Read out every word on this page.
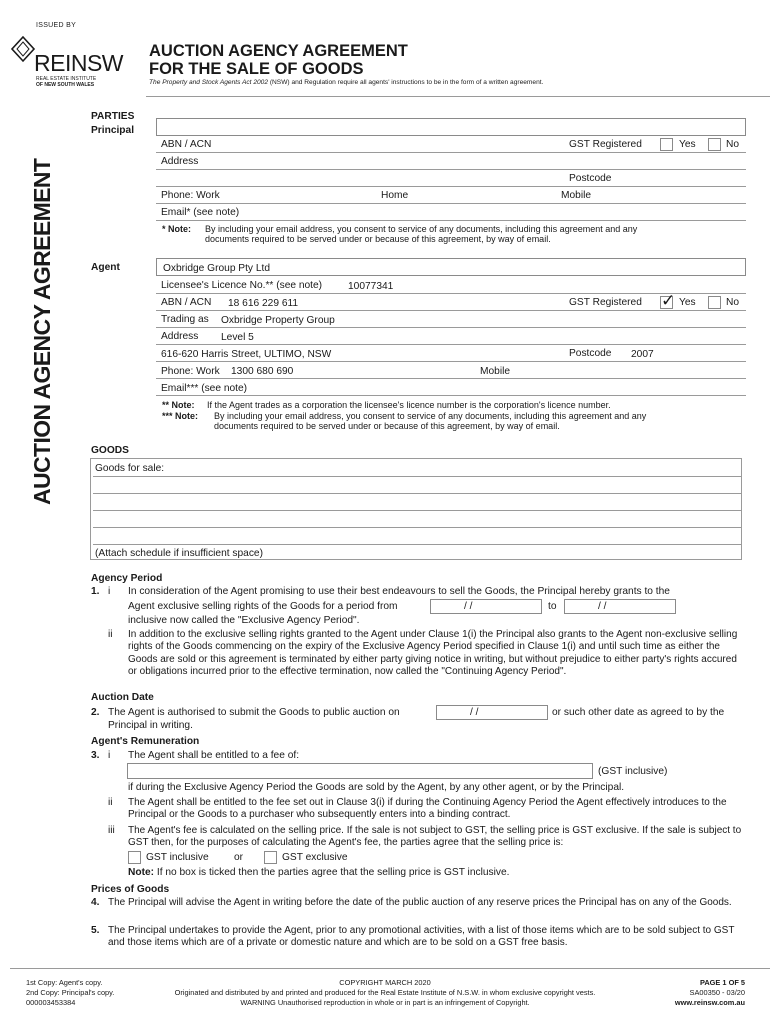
ISSUED BY
REINSW
REAL ESTATE INSTITUTE
OF NEW SOUTH WALES
AUCTION AGENCY AGREEMENT
FOR THE SALE OF GOODS
The Property and Stock Agents Act 2002 (NSW) and Regulation require all agents' instructions to be in the form of a written agreement.
AUCTION AGENCY AGREEMENT
PARTIES
Principal
ABN / ACN	GST Registered	Yes	No
Address
Postcode
Phone: Work	Home	Mobile
Email* (see note)
* Note: By including your email address, you consent to service of any documents, including this agreement and any
documents required to be served under or because of this agreement, by way of email.
Agent	Oxbridge Group Pty Ltd
Licensee's Licence No.** (see note)	10077341
ABN / ACN 18 616 229 611	GST Registered ✓ Yes	No
Trading as Oxbridge Property Group
Address Level 5
616-620 Harris Street, ULTIMO, NSW	Postcode 2007
Phone: Work 1300 680 690	Mobile
Email*** (see note)
** Note: If the Agent trades as a corporation the licensee's licence number is the corporation's licence number.
*** Note: By including your email address, you consent to service of any documents, including this agreement and any
documents required to be served under or because of this agreement, by way of email.
GOODS
Goods for sale:
(Attach schedule if insufficient space)
Agency Period
1. i In consideration of the Agent promising to use their best endeavours to sell the Goods, the Principal hereby grants to the
Agent exclusive selling rights of the Goods for a period from	/ /	to	/ /
inclusive now called the "Exclusive Agency Period".
ii In addition to the exclusive selling rights granted to the Agent under Clause 1(i) the Principal also grants to the Agent non-exclusive selling rights of the Goods commencing on the expiry of the Exclusive Agency Period specified in Clause 1(i) and until such time as either the Goods are sold or this agreement is terminated by either party giving notice in writing, but without prejudice to either party's rights accured or obligations incurred prior to the effective termination, now called the "Continuing Agency Period".
Auction Date
2. The Agent is authorised to submit the Goods to public auction on	/ /	or such other date as agreed to by the
Principal in writing.
Agent's Remuneration
3. i The Agent shall be entitled to a fee of:
(GST inclusive)
if during the Exclusive Agency Period the Goods are sold by the Agent, by any other agent, or by the Principal.
ii The Agent shall be entitled to the fee set out in Clause 3(i) if during the Continuing Agency Period the Agent effectively introduces to the Principal or the Goods to a purchaser who subsequently enters into a binding contract.
iii The Agent's fee is calculated on the selling price. If the sale is not subject to GST, the selling price is GST exclusive. If the sale is subject to GST then, for the purposes of calculating the Agent's fee, the parties agree that the selling price is:
GST inclusive or	GST exclusive
Note: If no box is ticked then the parties agree that the selling price is GST inclusive.
Prices of Goods
4. The Principal will advise the Agent in writing before the date of the public auction of any reserve prices the Principal has on any of the Goods.
5. The Principal undertakes to provide the Agent, prior to any promotional activities, with a list of those items which are to be sold subject to GST and those items which are of a private or domestic nature and which are to be sold on a GST free basis.
1st Copy: Agent's copy.
2nd Copy: Principal's copy.
000003453384
COPYRIGHT MARCH 2020
Originated and distributed by and printed and produced for the Real Estate Institute of N.S.W. in whom exclusive copyright vests.
WARNING Unauthorised reproduction in whole or in part is an infringement of Copyright.
PAGE 1 OF 5
SA00350 - 03/20
www.reinsw.com.au
